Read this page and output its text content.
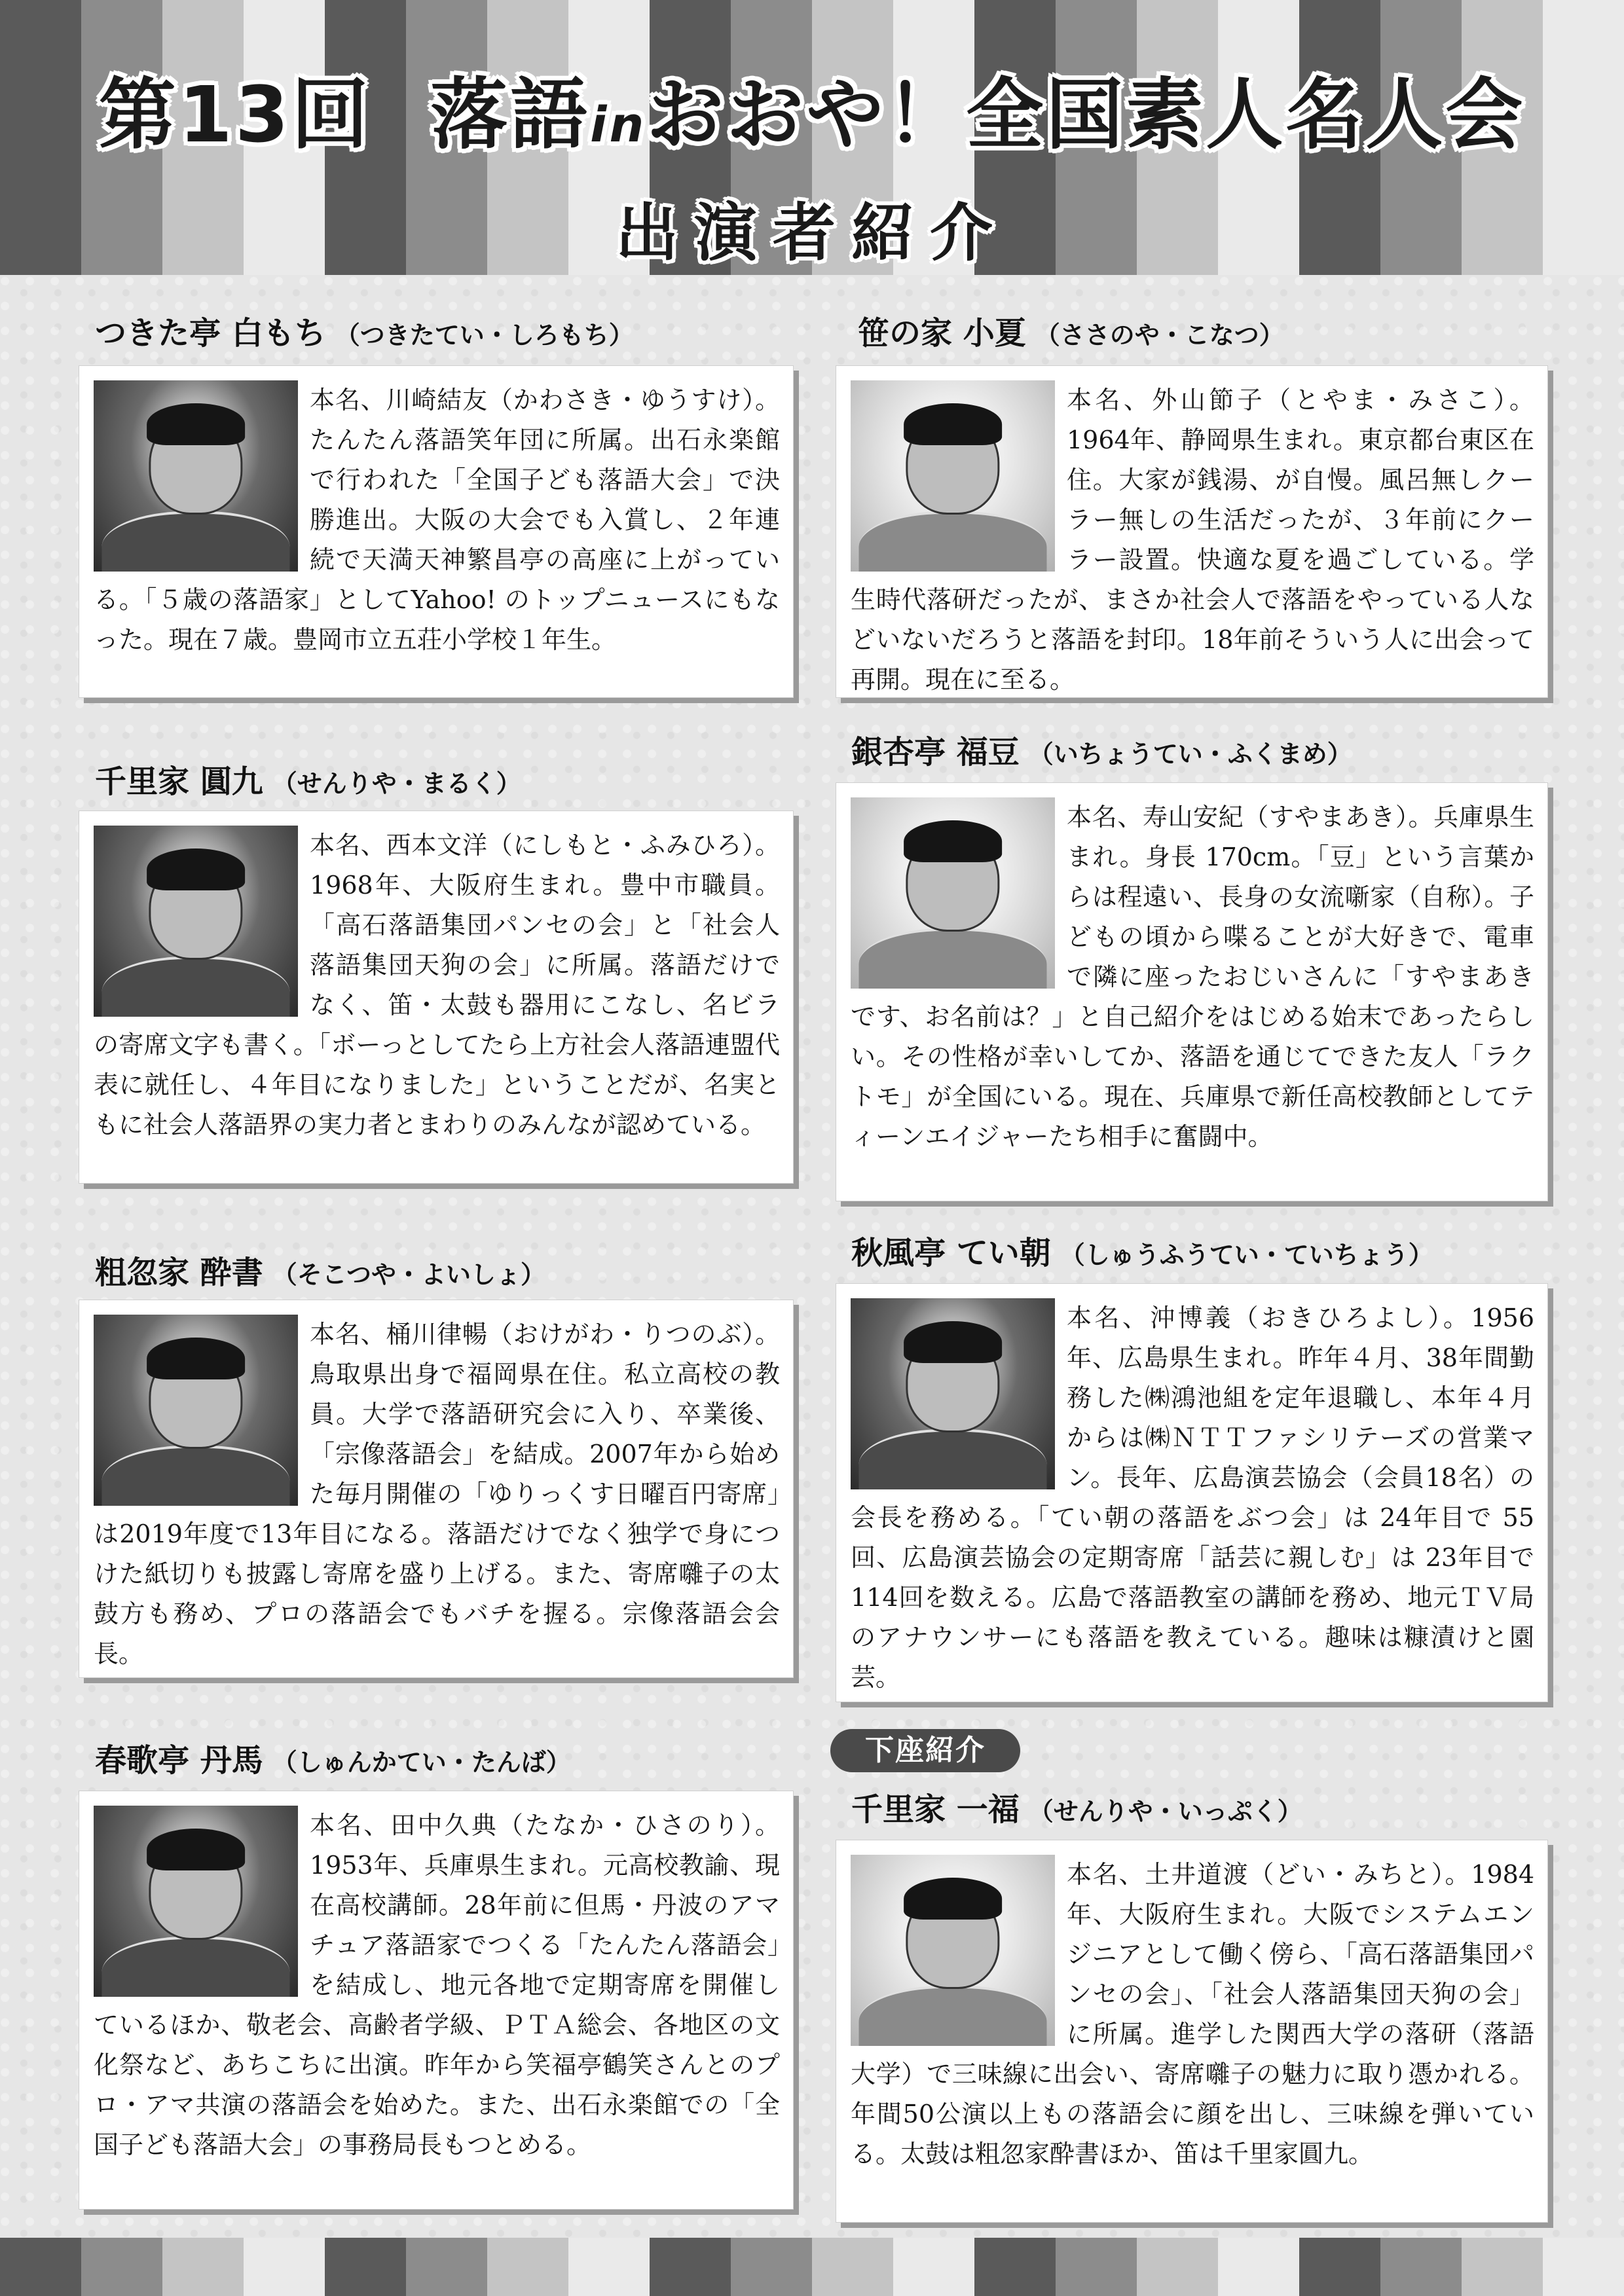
第13回 落語inおおや！全国素人名人会
出演者紹介
つきた亭 白もち （つきたてい・しろもち）

本名、川崎結友（かわさき・ゆうすけ）。たんたん落語笑年団に所属。出石永楽館で行われた「全国子ども落語大会」で決勝進出。大阪の大会でも入賞し、２年連続で天満天神繁昌亭の高座に上がっている。「５歳の落語家」としてYahoo! のトップニュースにもなった。現在７歳。豊岡市立五荘小学校１年生。

笹の家 小夏 （ささのや・こなつ）

本名、外山節子（とやま・みさこ）。1964年、静岡県生まれ。東京都台東区在住。大家が銭湯、が自慢。風呂無しクーラー無しの生活だったが、３年前にクーラー設置。快適な夏を過ごしている。学生時代落研だったが、まさか社会人で落語をやっている人などいないだろうと落語を封印。18年前そういう人に出会って再開。現在に至る。

千里家 圓九 （せんりや・まるく）

本名、西本文洋（にしもと・ふみひろ）。1968年、大阪府生まれ。豊中市職員。「高石落語集団パンセの会」と「社会人落語集団天狗の会」に所属。落語だけでなく、笛・太鼓も器用にこなし、名ビラの寄席文字も書く。「ボーっとしてたら上方社会人落語連盟代表に就任し、４年目になりました」ということだが、名実ともに社会人落語界の実力者とまわりのみんなが認めている。

銀杏亭 福豆 （いちょうてい・ふくまめ）

本名、寿山安紀（すやまあき）。兵庫県生まれ。身長 170cm。「豆」という言葉からは程遠い、長身の女流噺家（自称）。子どもの頃から喋ることが大好きで、電車で隣に座ったおじいさんに「すやまあきです、お名前は？」と自己紹介をはじめる始末であったらしい。その性格が幸いしてか、落語を通じてできた友人「ラクトモ」が全国にいる。現在、兵庫県で新任高校教師としてティーンエイジャーたち相手に奮闘中。

粗忽家 酔書 （そこつや・よいしょ）

本名、桶川律暢（おけがわ・りつのぶ）。鳥取県出身で福岡県在住。私立高校の教員。大学で落語研究会に入り、卒業後、「宗像落語会」を結成。2007年から始めた毎月開催の「ゆりっくす日曜百円寄席」は2019年度で13年目になる。落語だけでなく独学で身につけた紙切りも披露し寄席を盛り上げる。また、寄席囃子の太鼓方も務め、プロの落語会でもバチを握る。宗像落語会会長。

秋風亭 てい朝 （しゅうふうてい・ていちょう）

本名、沖博義（おきひろよし）。1956年、広島県生まれ。昨年４月、38年間勤務した㈱鴻池組を定年退職し、本年４月からは㈱ＮＴＴファシリテーズの営業マン。長年、広島演芸協会（会員18名）の会長を務める。「てい朝の落語をぶつ会」は 24年目で 55回、広島演芸協会の定期寄席「話芸に親しむ」は 23年目で 114回を数える。広島で落語教室の講師を務め、地元ＴＶ局のアナウンサーにも落語を教えている。趣味は糠漬けと園芸。

春歌亭 丹馬 （しゅんかてい・たんば）

本名、田中久典（たなか・ひさのり）。1953年、兵庫県生まれ。元高校教諭、現在高校講師。28年前に但馬・丹波のアマチュア落語家でつくる「たんたん落語会」を結成し、地元各地で定期寄席を開催しているほか、敬老会、高齢者学級、ＰＴＡ総会、各地区の文化祭など、あちこちに出演。昨年から笑福亭鶴笑さんとのプロ・アマ共演の落語会を始めた。また、出石永楽館での「全国子ども落語大会」の事務局長もつとめる。

下座紹介
千里家 一福 （せんりや・いっぷく）

本名、土井道渡（どい・みちと）。1984年、大阪府生まれ。大阪でシステムエンジニアとして働く傍ら、「高石落語集団パンセの会」、「社会人落語集団天狗の会」に所属。進学した関西大学の落研（落語大学）で三味線に出会い、寄席囃子の魅力に取り憑かれる。年間50公演以上もの落語会に顔を出し、三味線を弾いている。太鼓は粗忽家酔書ほか、笛は千里家圓九。
